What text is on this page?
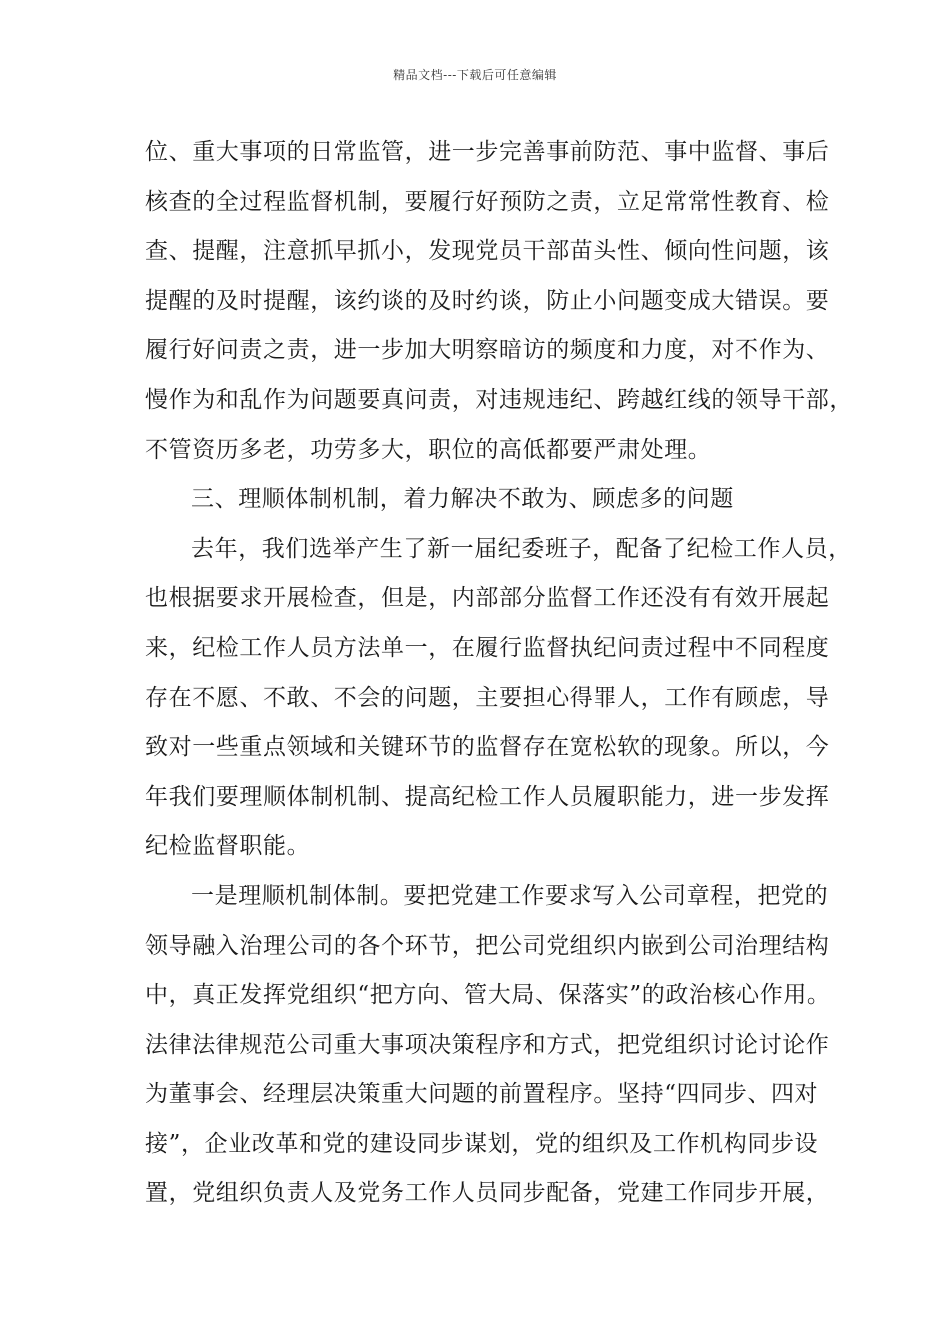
精品文档---下载后可任意编辑
位、重大事项的日常监管，进一步完善事前防范、事中监督、事后
核查的全过程监督机制，要履行好预防之责，立足常常性教育、检
查、提醒，注意抓早抓小，发现党员干部苗头性、倾向性问题，该
提醒的及时提醒，该约谈的及时约谈，防止小问题变成大错误。要
履行好问责之责，进一步加大明察暗访的频度和力度，对不作为、
慢作为和乱作为问题要真问责，对违规违纪、跨越红线的领导干部，
不管资历多老，功劳多大，职位的高低都要严肃处理。
三、理顺体制机制，着力解决不敢为、顾虑多的问题
去年，我们选举产生了新一届纪委班子，配备了纪检工作人员，
也根据要求开展检查，但是，内部部分监督工作还没有有效开展起
来，纪检工作人员方法单一，在履行监督执纪问责过程中不同程度
存在不愿、不敢、不会的问题，主要担心得罪人，工作有顾虑，导
致对一些重点领域和关键环节的监督存在宽松软的现象。所以，今
年我们要理顺体制机制、提高纪检工作人员履职能力，进一步发挥
纪检监督职能。
一是理顺机制体制。要把党建工作要求写入公司章程，把党的
领导融入治理公司的各个环节，把公司党组织内嵌到公司治理结构
中，真正发挥党组织“把方向、管大局、保落实”的政治核心作用。
法律法律规范公司重大事项决策程序和方式，把党组织讨论讨论作
为董事会、经理层决策重大问题的前置程序。坚持“四同步、四对
接”，企业改革和党的建设同步谋划，党的组织及工作机构同步设
置，党组织负责人及党务工作人员同步配备，党建工作同步开展，
